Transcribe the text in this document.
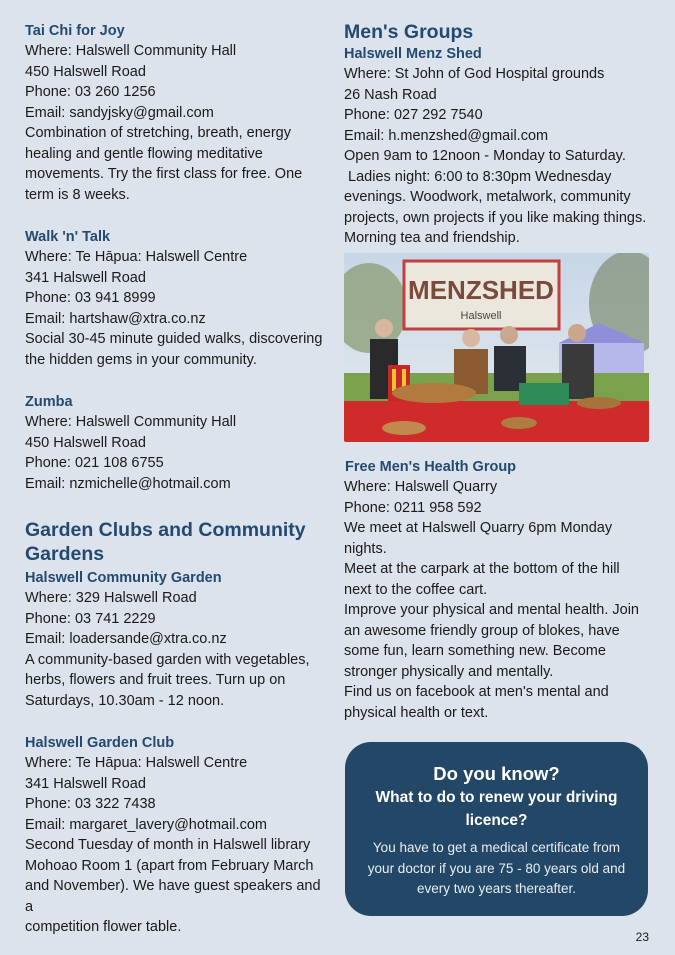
Tai Chi for Joy

Where: Halswell Community Hall

450 Halswell Road

Phone: 03 260 1256

Email: sandyjsky@gmail.com

Combination of stretching, breath, energy

healing and gentle flowing meditative

movements. Try the first class for free. One

term is 8 weeks.

Walk 'n' Talk

Where: Te Hāpua: Halswell Centre

341 Halswell Road

Phone: 03 941 8999

Email: hartshaw@xtra.co.nz

Social 30-45 minute guided walks, discovering

the hidden gems in your community.

Zumba

Where: Halswell Community Hall

450 Halswell Road

Phone: 021 108 6755

Email: nzmichelle@hotmail.com

Garden Clubs and Community

Gardens

Halswell Community Garden

Where: 329 Halswell Road

Phone: 03 741 2229

Email: loadersande@xtra.co.nz

A community-based garden with vegetables,

herbs, flowers and fruit trees. Turn up on

Saturdays, 10.30am - 12 noon.

Halswell Garden Club

Where: Te Hāpua: Halswell Centre

341 Halswell Road

Phone: 03 322 7438

Email: margaret_lavery@hotmail.com

Second Tuesday of month in Halswell library

Mohoao Room 1 (apart from February March

and November). We have guest speakers and a

competition flower table.

Men's Groups

Halswell Menz Shed

Where: St John of God Hospital grounds

26 Nash Road

Phone: 027 292 7540

Email: h.menzshed@gmail.com

Open 9am to 12noon - Monday to Saturday.

Ladies night: 6:00 to 8:30pm Wednesday

evenings. Woodwork, metalwork, community

projects, own projects if you like making things.

Morning tea and friendship.

MENZSHED
Halswell

Free Men's Health Group

Where: Halswell Quarry

Phone: 0211 958 592

We meet at Halswell Quarry 6pm Monday

nights.

Meet at the carpark at the bottom of the hill

next to the coffee cart.

Improve your physical and mental health. Join

an awesome friendly group of blokes, have

some fun, learn something new. Become

stronger physically and mentally.

Find us on facebook at men's mental and

physical health or text.

Do you know?

What to do to renew your driving

licence?

You have to get a medical certificate from

your doctor if you are 75 - 80 years old and

every two years thereafter.

23
